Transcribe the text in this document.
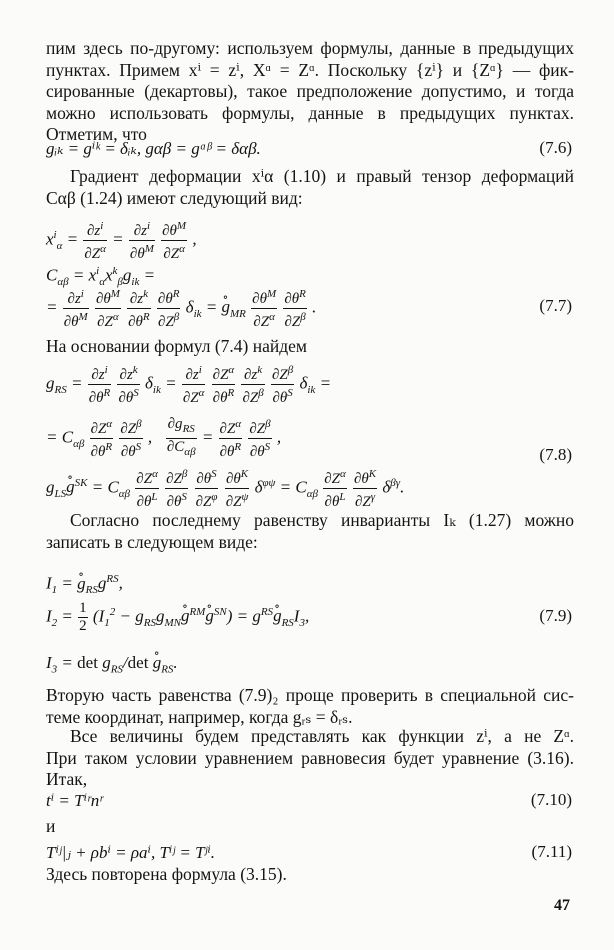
пим здесь по-другому: используем формулы, данные в предыдущих
пунктах. Примем xⁱ = zⁱ, Xᵅ = Zᵅ. Поскольку {zⁱ} и {Zᵅ} — фик-
сированные (декартовы), такое предположение допустимо, и тогда
можно использовать формулы, данные в предыдущих пунктах.
Отметим, что
gᵢₖ = gⁱᵏ = δᵢₖ, gαβ = gᵅᵝ = δαβ.	(7.6)
Градиент деформации xⁱα (1.10) и правый тензор деформаций
Cαβ (1.24) имеют следующий вид:
$x^i_\alpha = \frac{\partial z^i}{\partial Z^\alpha} = \frac{\partial z^i}{\partial\theta^M}$
$\frac{\partial\theta^M}{\partial Z^\alpha}$ ,
$C_{\alpha\beta} = x^i_\alpha x^k_\beta g_{ik}$ =
= $\frac{\partial z^i}{\partial\theta^M}$
$\frac{\partial\theta^M}{\partial Z^\alpha}$
$\frac{\partial z^k}{\partial\theta^R}$
$\frac{\partial\theta^R}{\partial Z^\beta} \delta_{ik}$ = ∘ $g_{MR} \frac{\partial\theta^M}{\partial Z^\alpha}$
$\frac{\partial\theta^R}{\partial Z^\beta}$ .	(7.7)
На основании формул (7.4) найдем
$g_{RS} = \frac{\partial z^i}{\partial\theta^R}$
$\frac{\partial z^k}{\partial\theta^S} \delta_{ik} = \frac{\partial z^i}{\partial Z^\alpha}$
$\frac{\partial Z^\alpha}{\partial\theta^R}$
$\frac{\partial z^k}{\partial Z^\beta}$
$\frac{\partial Z^\beta}{\partial\theta^S} \delta_{ik}$ =
= $C_{\alpha\beta} \frac{\partial Z^\alpha}{\partial\theta^R}$
$\frac{\partial Z^\beta}{\partial\theta^S}$ , $\frac{\partial g_{RS}}{\partial C_{\alpha\beta}} = \frac{\partial Z^\alpha}{\partial\theta^R}$
$\frac{\partial Z^\beta}{\partial\theta^S}$ ,
(7.8)
$g_{LS}\circ$ $g^{SK} = C_{\alpha\beta} \frac{\partial Z^\alpha}{\partial\theta^L}$
$\frac{\partial Z^\beta}{\partial\theta^S}$
$\frac{\partial\theta^S}{\partial Z^\varphi}$
$\frac{\partial\theta^K}{\partial Z^\psi} \delta^{\varphi\psi} = C_{\alpha\beta} \frac{\partial Z^\alpha}{\partial\theta^L}$
$\frac{\partial\theta^K}{\partial Z^\gamma} \delta^{\beta\gamma}$.
Согласно последнему равенству инварианты Iₖ (1.27) можно
записать в следующем виде:
$I_1$ = ∘ $g_{RS}g^{RS}$,
$I_2 = \frac{1}{2} (I_1^2$ − $g_{RS}g_{MN}\circ$ $g^{RM}\circ$ $g^{SN}$) = $g^{RS}\circ$ $g_{RS}I_3$,	(7.9)
$I_3 = \det g_{RS}/\det$ ∘ $g_{RS}$.
Вторую часть равенства (7.9)₂ проще проверить в специальной сис-
теме координат, например, когда gᵣₛ = δᵣₛ.
Все величины будем представлять как функции zⁱ, а не Zᵅ.
При таком условии уравнением равновесия будет уравнение (3.16).
Итак,
tⁱ = Tⁱʳnʳ	(7.10)
и
Tⁱʲ|ⱼ + ρbⁱ = ρaⁱ, Tⁱʲ = Tʲⁱ.	(7.11)
Здесь повторена формула (3.15).
47
